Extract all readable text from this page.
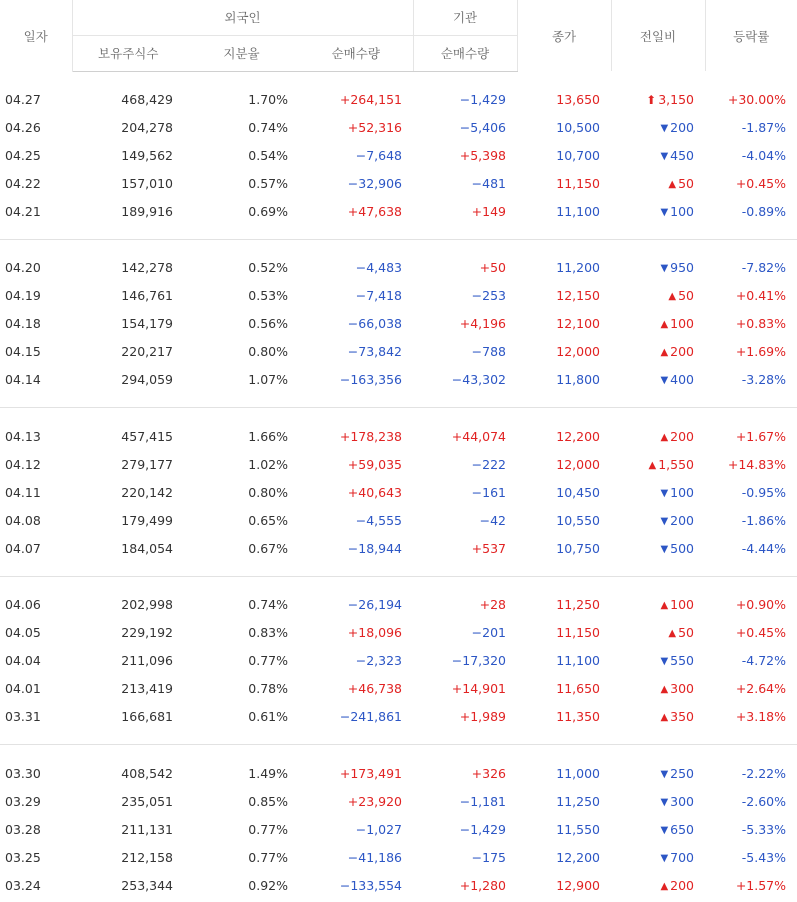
일자	외국인			기관	종가	전일비	등락률
	보유주식수	지분율	순매수량	순매수량			

04.27	468,429	1.70%	+264,151	−1,429	13,650	⬆ 3,150	+30.00%
04.26	204,278	0.74%	+52,316	−5,406	10,500	▼ 200	-1.87%
04.25	149,562	0.54%	−7,648	+5,398	10,700	▼ 450	-4.04%
04.22	157,010	0.57%	−32,906	−481	11,150	▲ 50	+0.45%
04.21	189,916	0.69%	+47,638	+149	11,100	▼ 100	-0.89%

04.20	142,278	0.52%	−4,483	+50	11,200	▼ 950	-7.82%
04.19	146,761	0.53%	−7,418	−253	12,150	▲ 50	+0.41%
04.18	154,179	0.56%	−66,038	+4,196	12,100	▲ 100	+0.83%
04.15	220,217	0.80%	−73,842	−788	12,000	▲ 200	+1.69%
04.14	294,059	1.07%	−163,356	−43,302	11,800	▼ 400	-3.28%

04.13	457,415	1.66%	+178,238	+44,074	12,200	▲ 200	+1.67%
04.12	279,177	1.02%	+59,035	−222	12,000	▲ 1,550	+14.83%
04.11	220,142	0.80%	+40,643	−161	10,450	▼ 100	-0.95%
04.08	179,499	0.65%	−4,555	−42	10,550	▼ 200	-1.86%
04.07	184,054	0.67%	−18,944	+537	10,750	▼ 500	-4.44%

04.06	202,998	0.74%	−26,194	+28	11,250	▲ 100	+0.90%
04.05	229,192	0.83%	+18,096	−201	11,150	▲ 50	+0.45%
04.04	211,096	0.77%	−2,323	−17,320	11,100	▼ 550	-4.72%
04.01	213,419	0.78%	+46,738	+14,901	11,650	▲ 300	+2.64%
03.31	166,681	0.61%	−241,861	+1,989	11,350	▲ 350	+3.18%

03.30	408,542	1.49%	+173,491	+326	11,000	▼ 250	-2.22%
03.29	235,051	0.85%	+23,920	−1,181	11,250	▼ 300	-2.60%
03.28	211,131	0.77%	−1,027	−1,429	11,550	▼ 650	-5.33%
03.25	212,158	0.77%	−41,186	−175	12,200	▼ 700	-5.43%
03.24	253,344	0.92%	−133,554	+1,280	12,900	▲ 200	+1.57%
